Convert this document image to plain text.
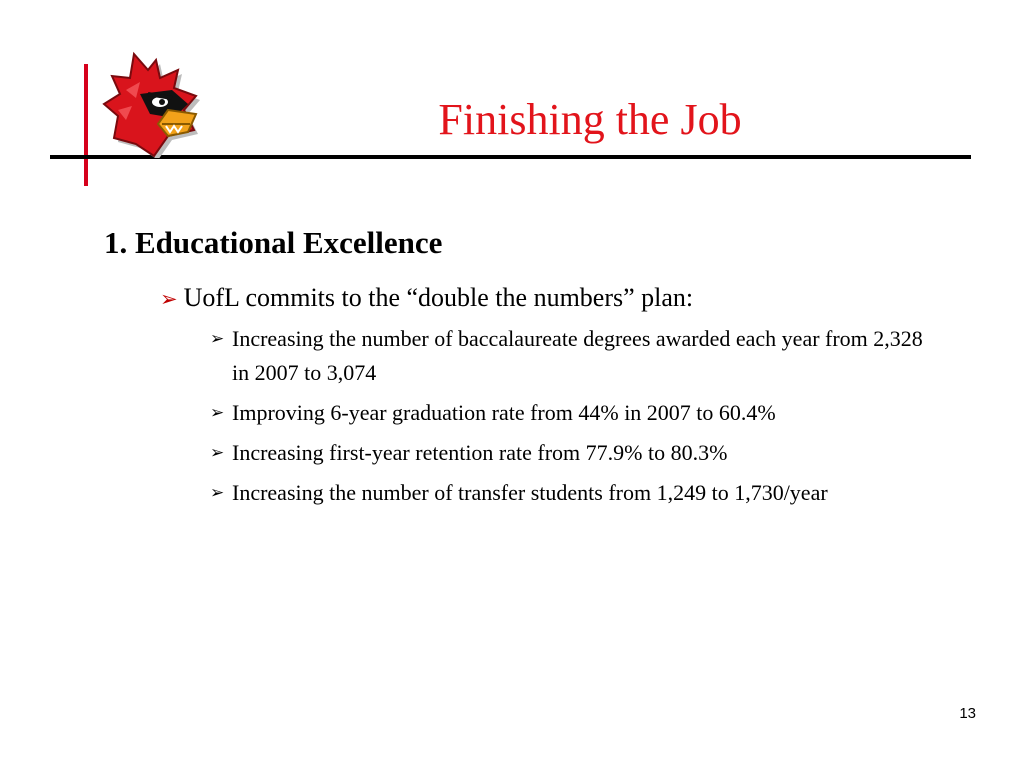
Finishing the Job
1. Educational Excellence
➢ UofL commits to the “double the numbers” plan:
➢ Increasing the number of baccalaureate degrees awarded each year from 2,328 in 2007 to 3,074
➢ Improving 6-year graduation rate from 44% in 2007 to 60.4%
➢ Increasing first-year retention rate from 77.9% to 80.3%
➢ Increasing the number of transfer students from 1,249 to 1,730/year
13
